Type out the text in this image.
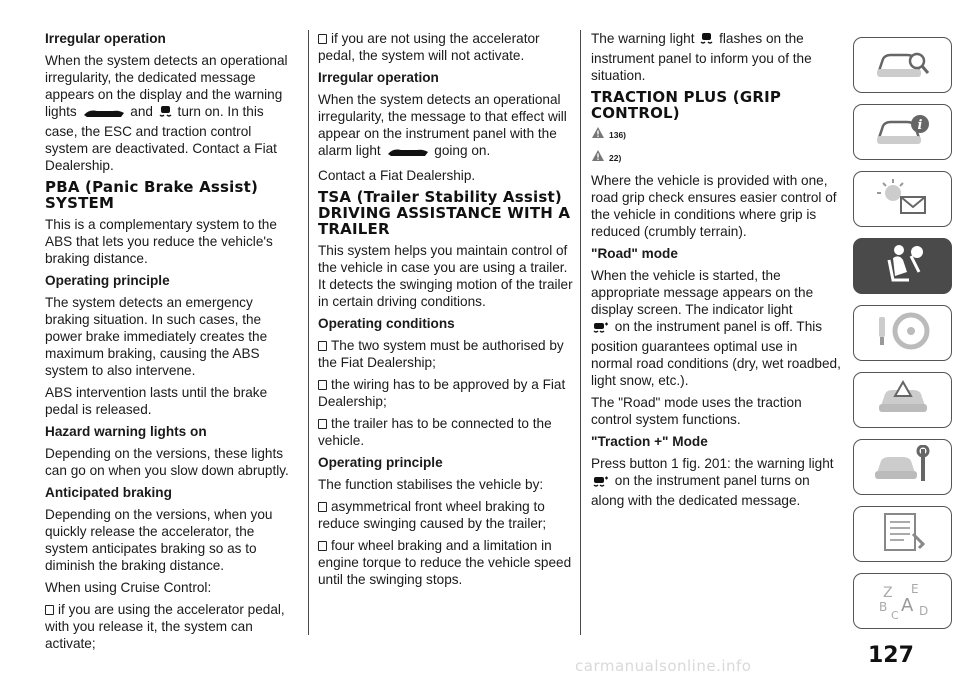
Irregular operation

When the system detects an operational irregularity, the dedicated message appears on the display and the warning lights	and turn on. In this case, the ESC and traction control system are deactivated. Contact a Fiat Dealership.

PBA (Panic Brake Assist) SYSTEM

This is a complementary system to the ABS that lets you reduce the vehicle's braking distance.

Operating principle

The system detects an emergency braking situation. In such cases, the power brake immediately creates the maximum braking, causing the ABS system to also intervene.

ABS intervention lasts until the brake pedal is released.

Hazard warning lights on

Depending on the versions, these lights can go on when you slow down abruptly.

Anticipated braking

Depending on the versions, when you quickly release the accelerator, the system anticipates braking so as to diminish the braking distance.

When using Cruise Control:

if you are using the accelerator pedal, with you release it, the system can activate;

if you are not using the accelerator pedal, the system will not activate.

Irregular operation

When the system detects an operational irregularity, the message to that effect will appear on the instrument panel with the alarm light	going on.

Contact a Fiat Dealership.

TSA (Trailer Stability Assist) DRIVING ASSISTANCE WITH A TRAILER

This system helps you maintain control of the vehicle in case you are using a trailer. It detects the swinging motion of the trailer in certain driving conditions.

Operating conditions

The two system must be authorised by the Fiat Dealership;

the wiring has to be approved by a Fiat Dealership;

the trailer has to be connected to the vehicle.

Operating principle

The function stabilises the vehicle by:

asymmetrical front wheel braking to reduce swinging caused by the trailer;

four wheel braking and a limitation in engine torque to reduce the vehicle speed until the swinging stops.

The warning light flashes on the instrument panel to inform you of the situation.

TRACTION PLUS (GRIP CONTROL)

136)
22)

Where the vehicle is provided with one, road grip check ensures easier control of the vehicle in conditions where grip is reduced (crumbly terrain).

"Road" mode

When the vehicle is started, the appropriate message appears on the display screen. The indicator light
on the instrument panel is off. This position guarantees optimal use in normal road conditions (dry, wet roadbed, light snow, etc.).

The "Road" mode uses the traction control system functions.

"Traction +" Mode

Press button 1 fig. 201: the warning light  on the instrument panel turns on along with the dedicated message.

i
Z E
B A
C D
127
carmanualsonline.info
